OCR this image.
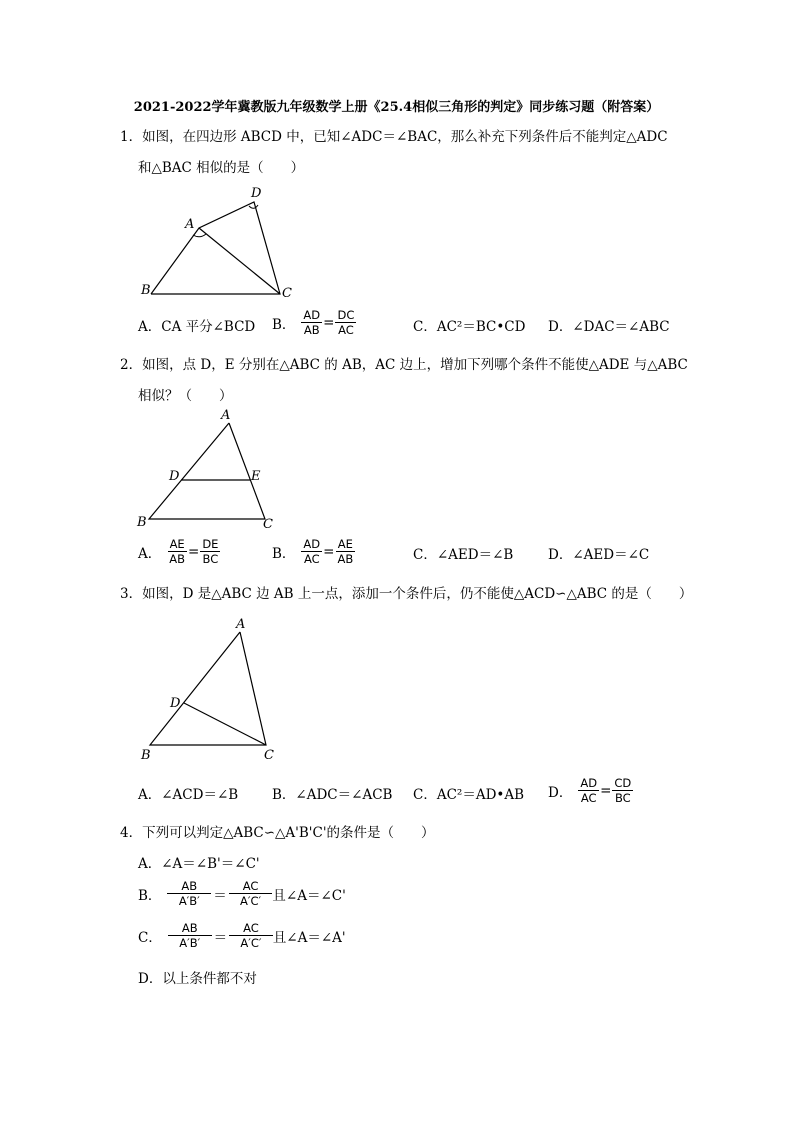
2021-2022学年冀教版九年级数学上册《25.4相似三角形的判定》同步练习题（附答案）
1．如图，在四边形 ABCD 中，已知∠ADC＝∠BAC，那么补充下列条件后不能判定△ADC
和△BAC 相似的是（　　）
A
B	C
D
A．CA 平分∠BCD B． $\frac{AD}{AB} = \frac{DC}{AC}$	C．AC²＝BC•CD D．∠DAC＝∠ABC
2．如图，点 D，E 分别在△ABC 的 AB，AC 边上，增加下列哪个条件不能使△ADE 与△ABC
相似？（　　）
A
B	C
D	E
A． $\frac{AE}{AB} = \frac{DE}{BC}$	B． $\frac{AD}{AC} = \frac{AE}{AB}$	C．∠AED＝∠B	D．∠AED＝∠C
3．如图，D 是△ABC 边 AB 上一点，添加一个条件后，仍不能使△ACD∽△ABC 的是（　　）
A
B	C
D
A．∠ACD＝∠B	B．∠ADC＝∠ACB C．AC²＝AD•AB D． $\frac{AD}{AC} = \frac{CD}{BC}$
4．下列可以判定△ABC∽△A'B'C'的条件是（　　）
A．∠A＝∠B'＝∠C'
B． $\frac{AB}{A'B'} = \frac{AC}{A'C'}$ 且∠A＝∠C'
C． $\frac{AB}{A'B'} = \frac{AC}{A'C'}$ 且∠A＝∠A'
D．以上条件都不对
